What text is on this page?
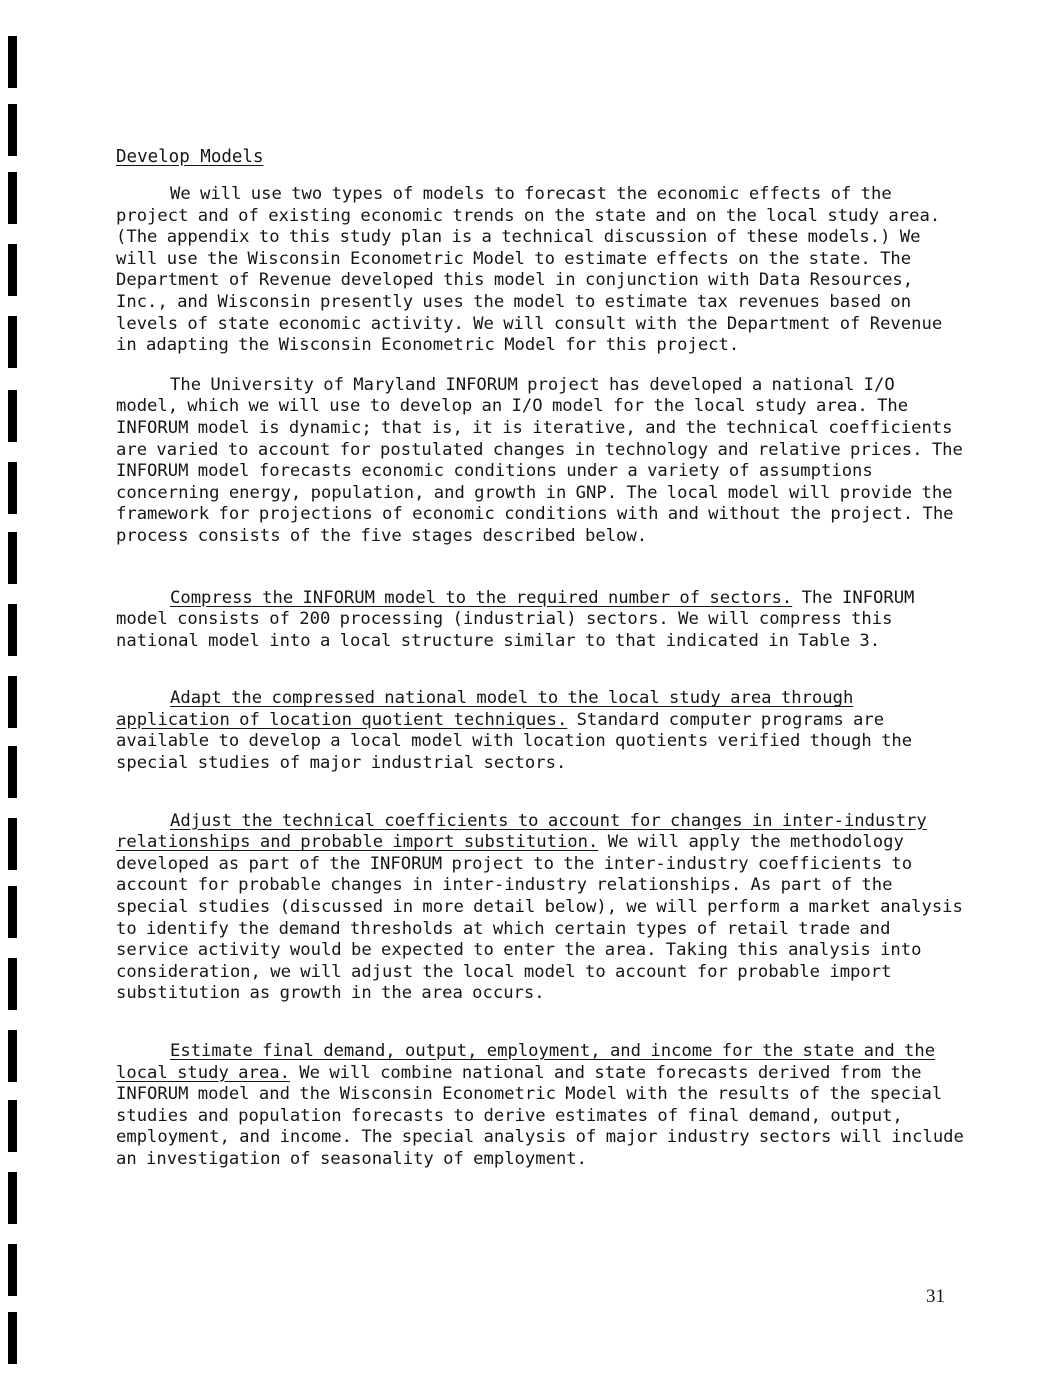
Develop Models

We will use two types of models to forecast the economic effects of the project and of existing economic trends on the state and on the local study area. (The appendix to this study plan is a technical discussion of these models.) We will use the Wisconsin Econometric Model to estimate effects on the state. The Department of Revenue developed this model in conjunction with Data Resources, Inc., and Wisconsin presently uses the model to estimate tax revenues based on levels of state economic activity. We will consult with the Department of Revenue in adapting the Wisconsin Econometric Model for this project.

The University of Maryland INFORUM project has developed a national I/O model, which we will use to develop an I/O model for the local study area. The INFORUM model is dynamic; that is, it is iterative, and the technical coefficients are varied to account for postulated changes in technology and relative prices. The INFORUM model forecasts economic conditions under a variety of assumptions concerning energy, population, and growth in GNP. The local model will provide the framework for projections of economic conditions with and without the project. The process consists of the five stages described below.

Compress the INFORUM model to the required number of sectors. The INFORUM model consists of 200 processing (industrial) sectors. We will compress this national model into a local structure similar to that indicated in Table 3.

Adapt the compressed national model to the local study area through application of location quotient techniques. Standard computer programs are available to develop a local model with location quotients verified though the special studies of major industrial sectors.

Adjust the technical coefficients to account for changes in inter-industry relationships and probable import substitution. We will apply the methodology developed as part of the INFORUM project to the inter-industry coefficients to account for probable changes in inter-industry relationships. As part of the special studies (discussed in more detail below), we will perform a market analysis to identify the demand thresholds at which certain types of retail trade and service activity would be expected to enter the area. Taking this analysis into consideration, we will adjust the local model to account for probable import substitution as growth in the area occurs.

Estimate final demand, output, employment, and income for the state and the local study area. We will combine national and state forecasts derived from the INFORUM model and the Wisconsin Econometric Model with the results of the special studies and population forecasts to derive estimates of final demand, output, employment, and income. The special analysis of major industry sectors will include an investigation of seasonality of employment.

31
